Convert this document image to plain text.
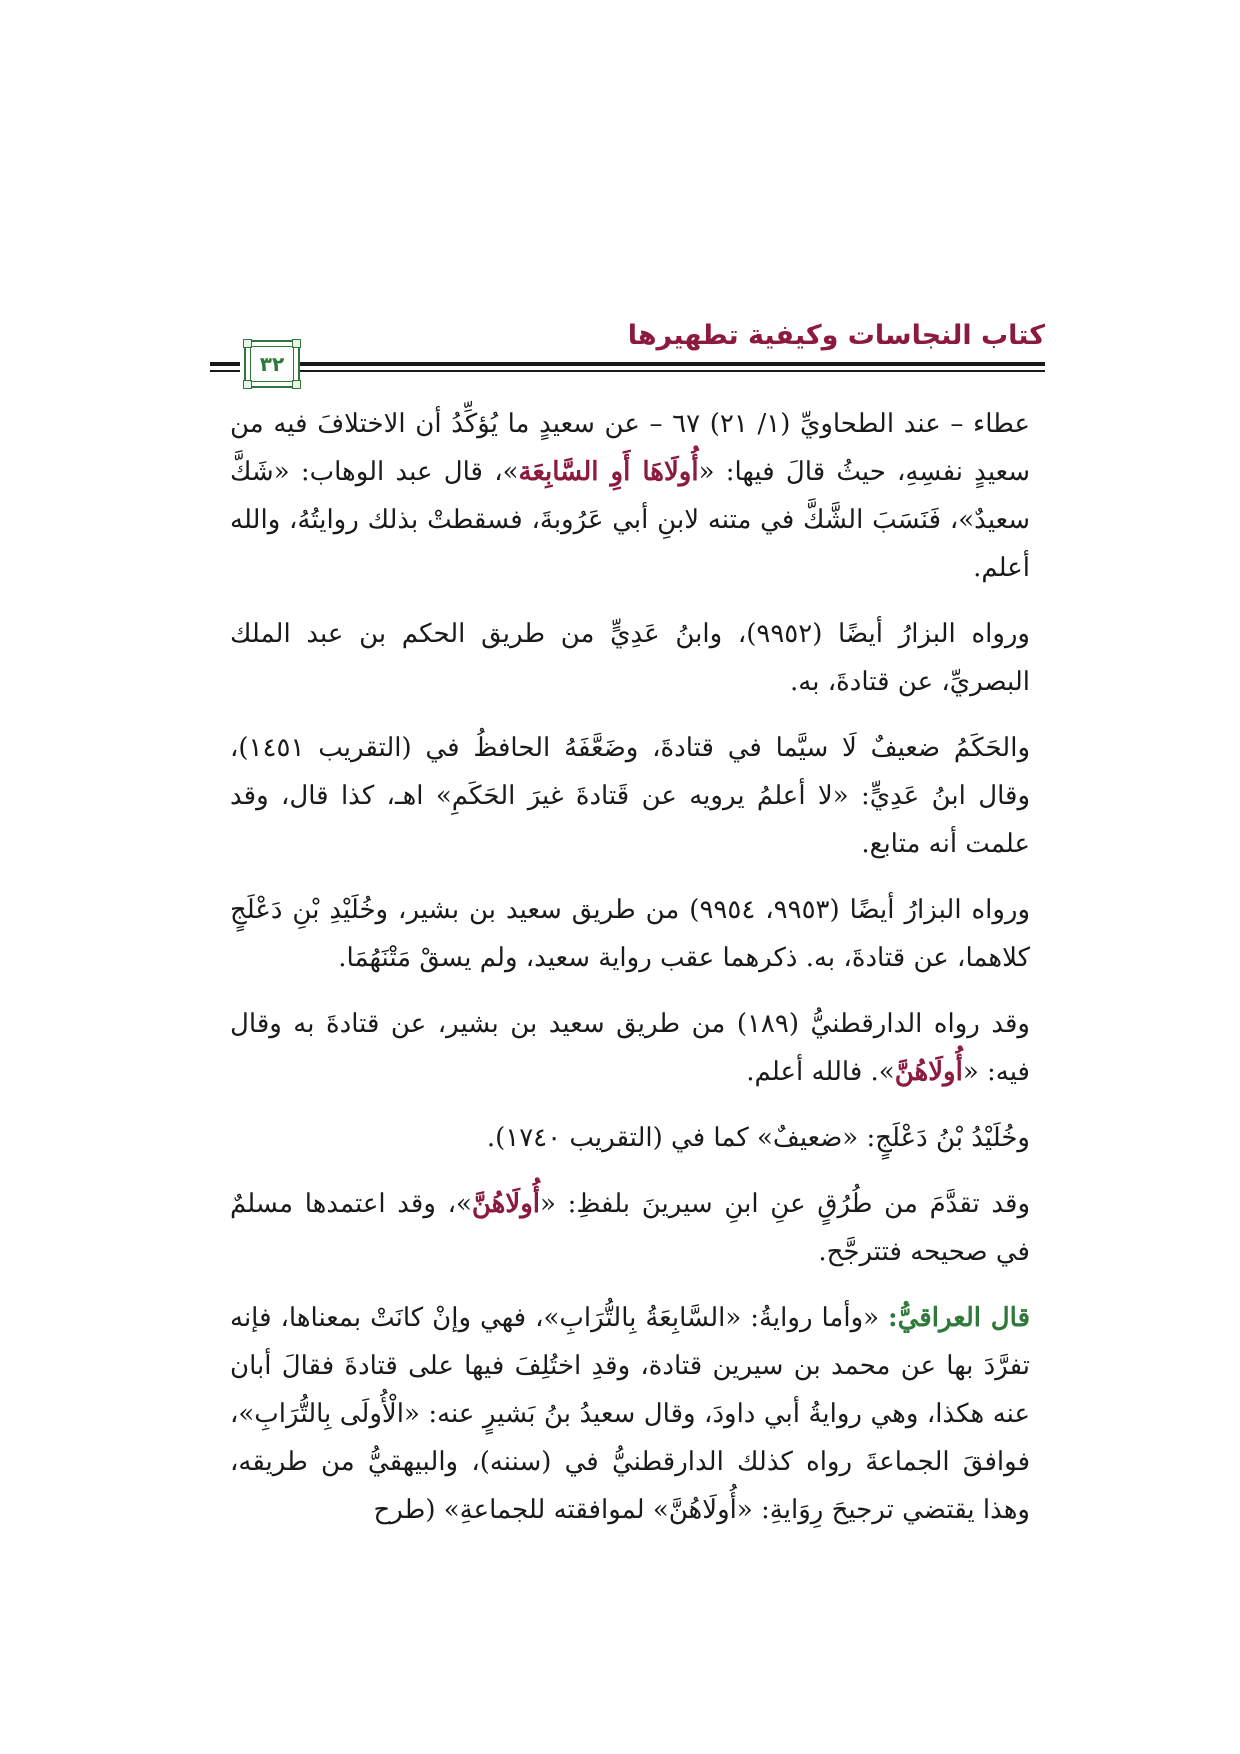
كتاب النجاسات وكيفية تطهيرها
٣٢

عطاء – عند الطحاويِّ (١/ ٢١) ٦٧ – عن سعيدٍ ما يُؤكِّدُ أن الاختلافَ فيه من سعيدٍ نفسِهِ، حيثُ قالَ فيها: «أُولَاهَا أَوِ السَّابِعَة»، قال عبد الوهاب: «شَكَّ سعيدٌ»، فَنَسَبَ الشَّكَّ في متنه لابنِ أبي عَرُوبةَ، فسقطتْ بذلك روايتُهُ، والله أعلم.

ورواه البزارُ أيضًا (٩٩٥٢)، وابنُ عَدِيٍّ من طريق الحكم بن عبد الملك البصريِّ، عن قتادةَ، به.

والحَكَمُ ضعيفٌ لَا سيَّما في قتادةَ، وضَعَّفَهُ الحافظُ في (التقريب ١٤٥١)، وقال ابنُ عَدِيٍّ: «لا أعلمُ يرويه عن قَتادةَ غيرَ الحَكَمِ» اهـ، كذا قال، وقد علمت أنه متابع.

ورواه البزارُ أيضًا (٩٩٥٣، ٩٩٥٤) من طريق سعيد بن بشير، وخُلَيْدِ بْنِ دَعْلَجٍ كلاهما، عن قتادةَ، به. ذكرهما عقب رواية سعيد، ولم يسقْ مَتْنَهُمَا.

وقد رواه الدارقطنيُّ (١٨٩) من طريق سعيد بن بشير، عن قتادةَ به وقال فيه: «أُولَاهُنَّ». فالله أعلم.

وخُلَيْدُ بْنُ دَعْلَجٍ: «ضعيفٌ» كما في (التقريب ١٧٤٠).

وقد تقدَّمَ من طُرُقٍ عنِ ابنِ سيرينَ بلفظِ: «أُولَاهُنَّ»، وقد اعتمدها مسلمٌ في صحيحه فتترجَّح.

قال العراقيُّ: «وأما روايةُ: «السَّابِعَةُ بِالتُّرَابِ»، فهي وإنْ كانَتْ بمعناها، فإنه تفرَّدَ بها عن محمد بن سيرين قتادة، وقدِ اختُلِفَ فيها على قتادةَ فقالَ أبان عنه هكذا، وهي روايةُ أبي داودَ، وقال سعيدُ بنُ بَشيرٍ عنه: «الْأُولَى بِالتُّرَابِ»، فوافقَ الجماعةَ رواه كذلك الدارقطنيُّ في (سننه)، والبيهقيُّ من طريقه، وهذا يقتضي ترجيحَ رِوَايةِ: «أُولَاهُنَّ» لموافقته للجماعةِ» (طرح
